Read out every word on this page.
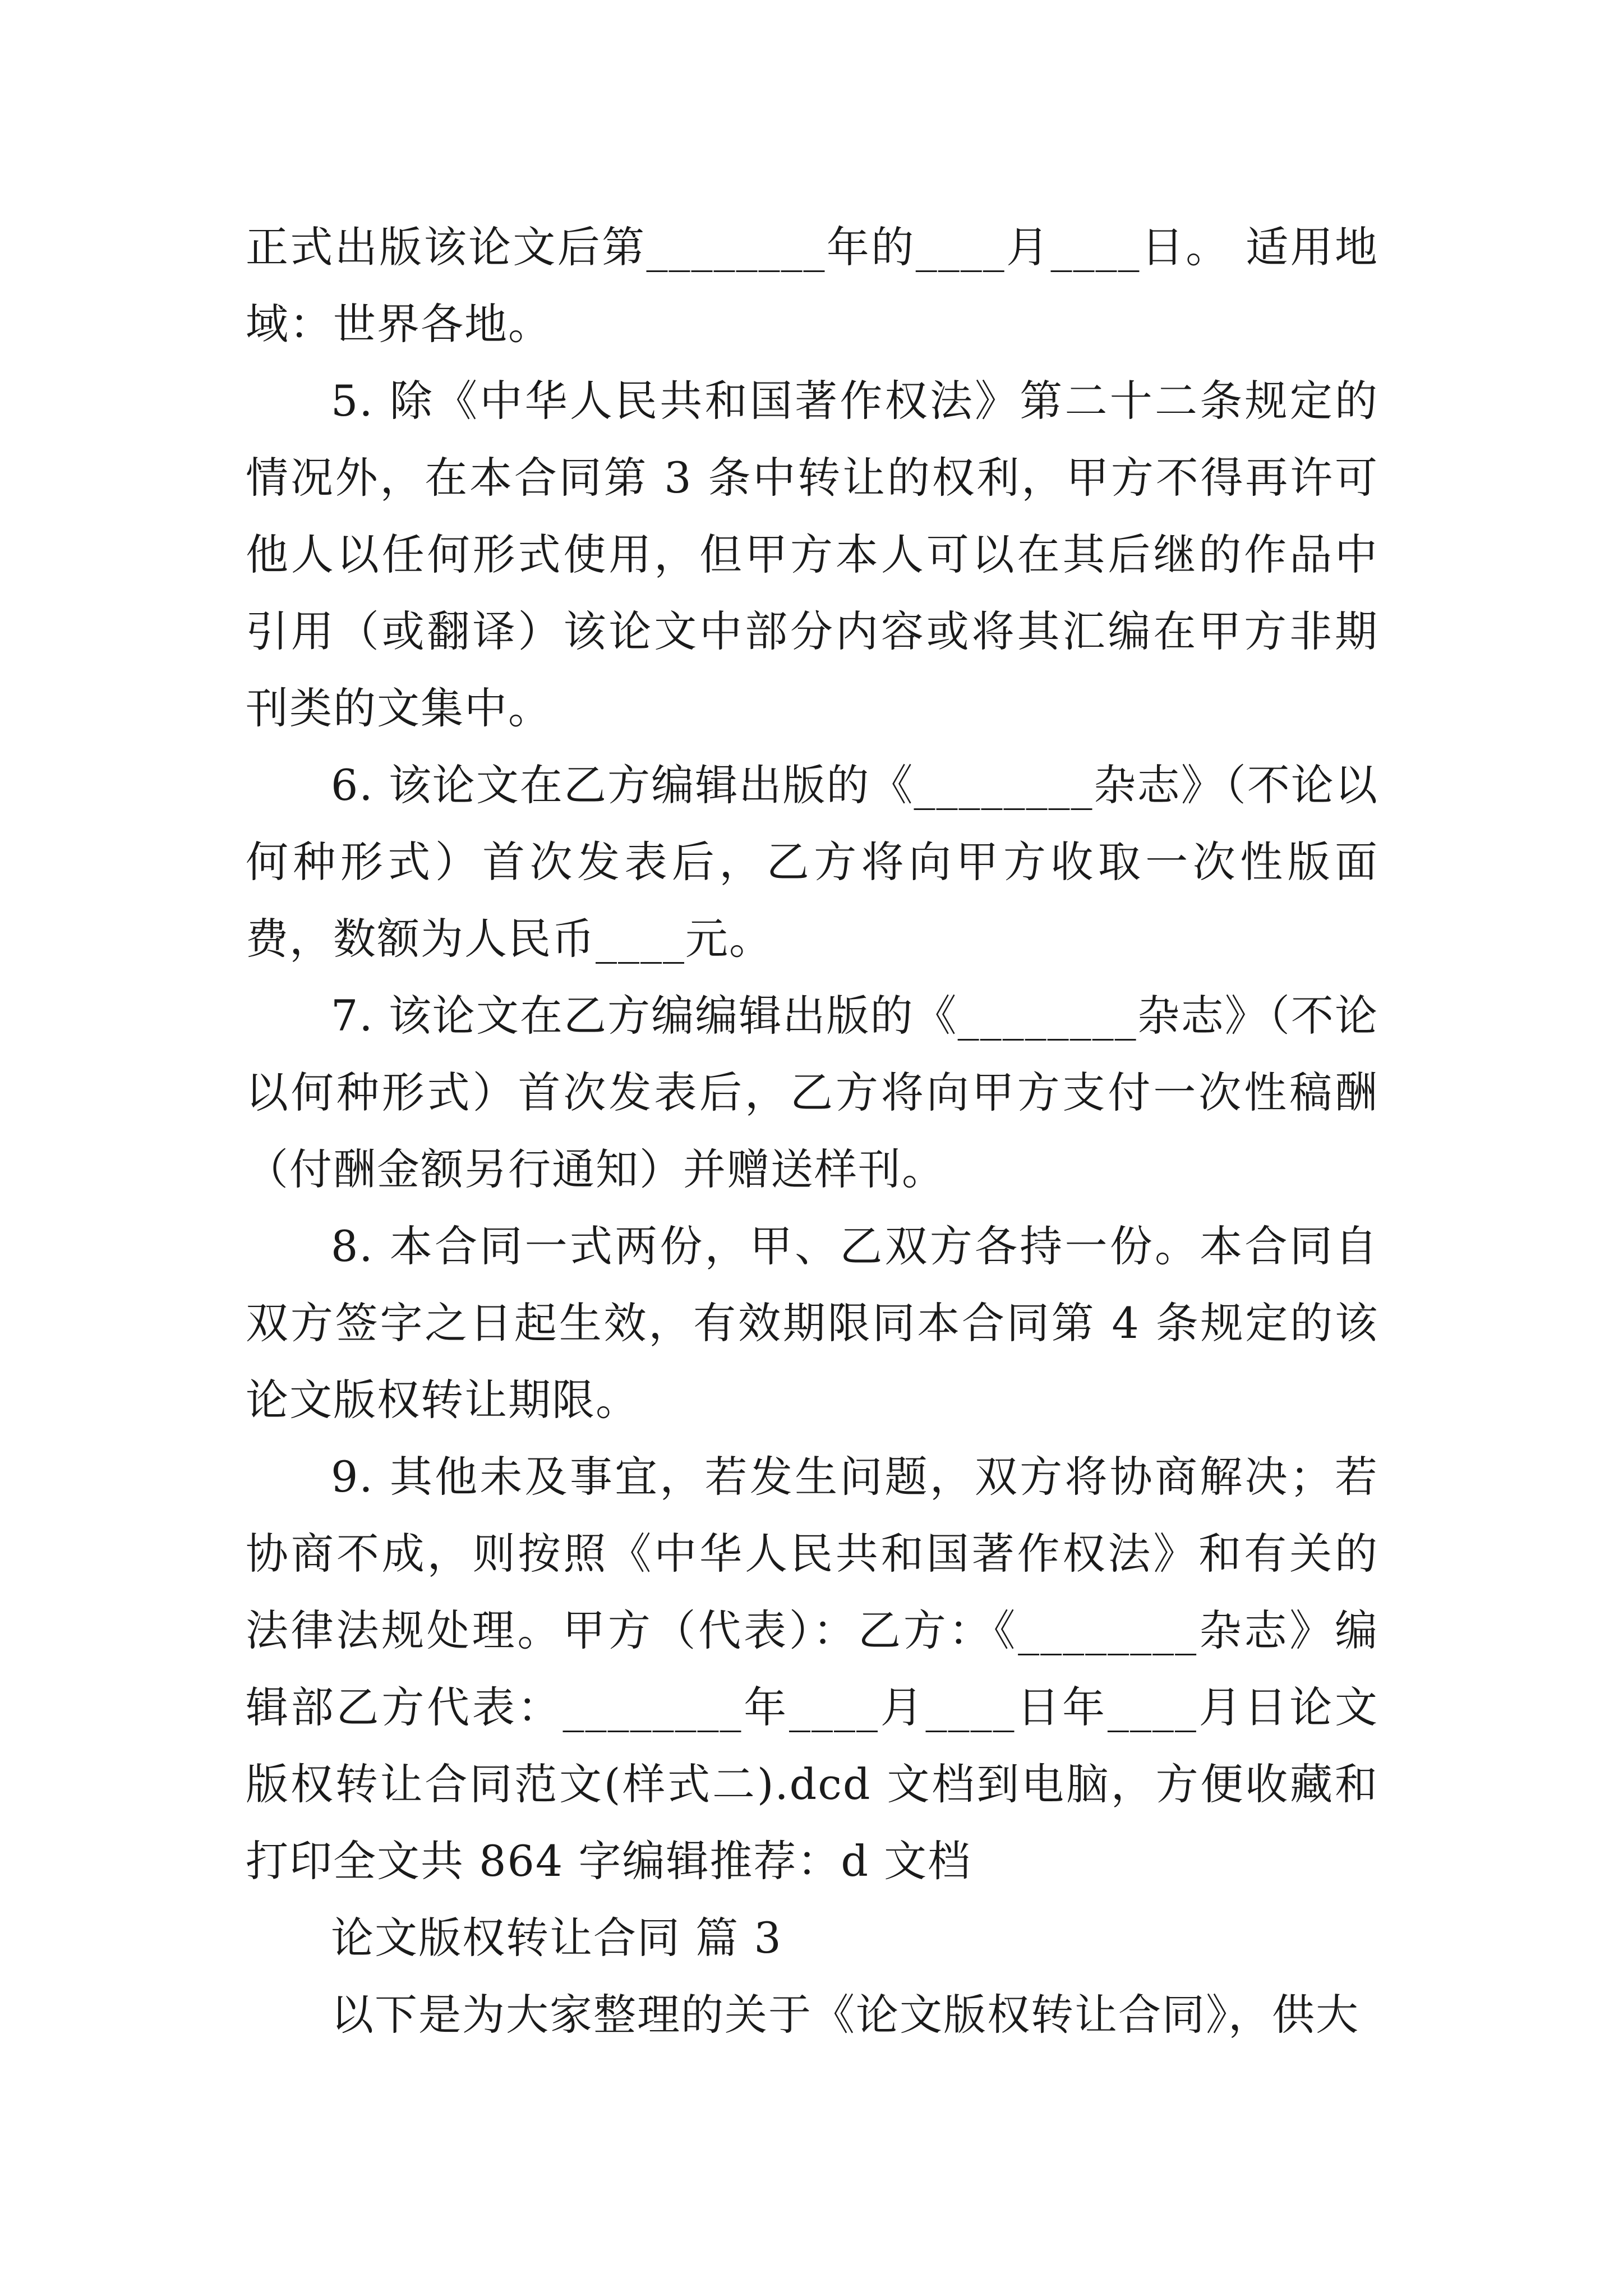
正式出版该论文后第________年的____月____日。 适用地域：世界各地。

5. 除《中华人民共和国著作权法》第二十二条规定的情况外，在本合同第 3 条中转让的权利，甲方不得再许可他人以任何形式使用，但甲方本人可以在其后继的作品中引用（或翻译）该论文中部分内容或将其汇编在甲方非期刊类的文集中。

6. 该论文在乙方编辑出版的《________杂志》（不论以何种形式）首次发表后，乙方将向甲方收取一次性版面费，数额为人民币____元。

7. 该论文在乙方编编辑出版的《________杂志》（不论以何种形式）首次发表后，乙方将向甲方支付一次性稿酬（付酬金额另行通知）并赠送样刊。

8. 本合同一式两份，甲、乙双方各持一份。本合同自双方签字之日起生效，有效期限同本合同第 4 条规定的该论文版权转让期限。

9. 其他未及事宜，若发生问题，双方将协商解决；若协商不成，则按照《中华人民共和国著作权法》和有关的法律法规处理。甲方（代表）：乙方：《________杂志》编辑部乙方代表：________年____月____日年____月日论文版权转让合同范文(样式二).dcd 文档到电脑，方便收藏和打印全文共 864 字编辑推荐：d 文档

论文版权转让合同 篇 3

以下是为大家整理的关于《论文版权转让合同》，供大
